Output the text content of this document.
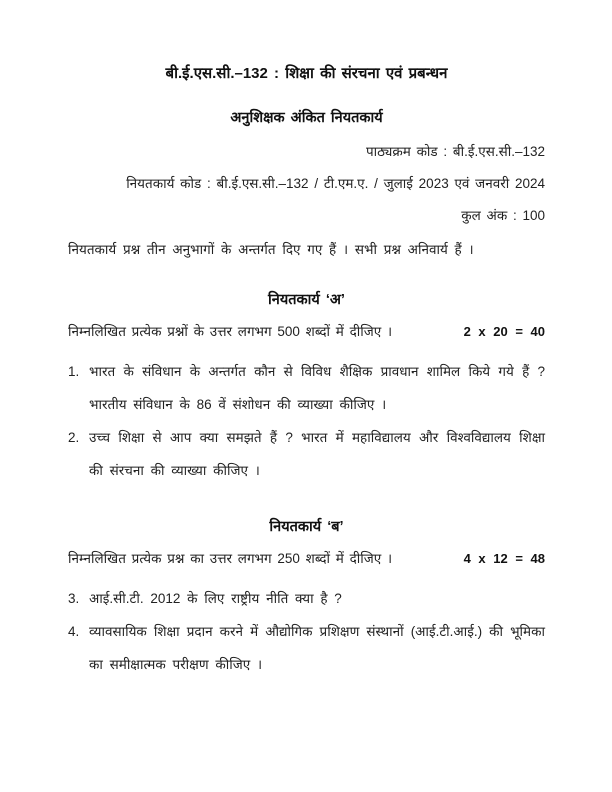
बी.ई.एस.सी.–132 : शिक्षा की संरचना एवं प्रबन्धन
अनुशिक्षक अंकित नियतकार्य

पाठ्यक्रम कोड : बी.ई.एस.सी.–132

नियतकार्य कोड : बी.ई.एस.सी.–132 / टी.एम.ए. / जुलाई 2023 एवं जनवरी 2024

कुल अंक : 100

नियतकार्य प्रश्न तीन अनुभागों के अन्तर्गत दिए गए हैं । सभी प्रश्न अनिवार्य हैं ।

नियतकार्य ‘अ’
निम्नलिखित प्रत्येक प्रश्नों के उत्तर लगभग 500 शब्दों में दीजिए ।	2 x 20 = 40
1. भारत के संविधान के अन्तर्गत कौन से विविध शैक्षिक प्रावधान शामिल किये गये हैं ? भारतीय संविधान के 86 वें संशोधन की व्याख्या कीजिए ।

2. उच्च शिक्षा से आप क्या समझते हैं ? भारत में महाविद्यालय और विश्वविद्यालय शिक्षा की संरचना की व्याख्या कीजिए ।

नियतकार्य ‘ब’
निम्नलिखित प्रत्येक प्रश्न का उत्तर लगभग 250 शब्दों में दीजिए ।	4 x 12 = 48
3. आई.सी.टी. 2012 के लिए राष्ट्रीय नीति क्या है ?

4. व्यावसायिक शिक्षा प्रदान करने में औद्योगिक प्रशिक्षण संस्थानों (आई.टी.आई.) की भूमिका का समीक्षात्मक परीक्षण कीजिए ।
